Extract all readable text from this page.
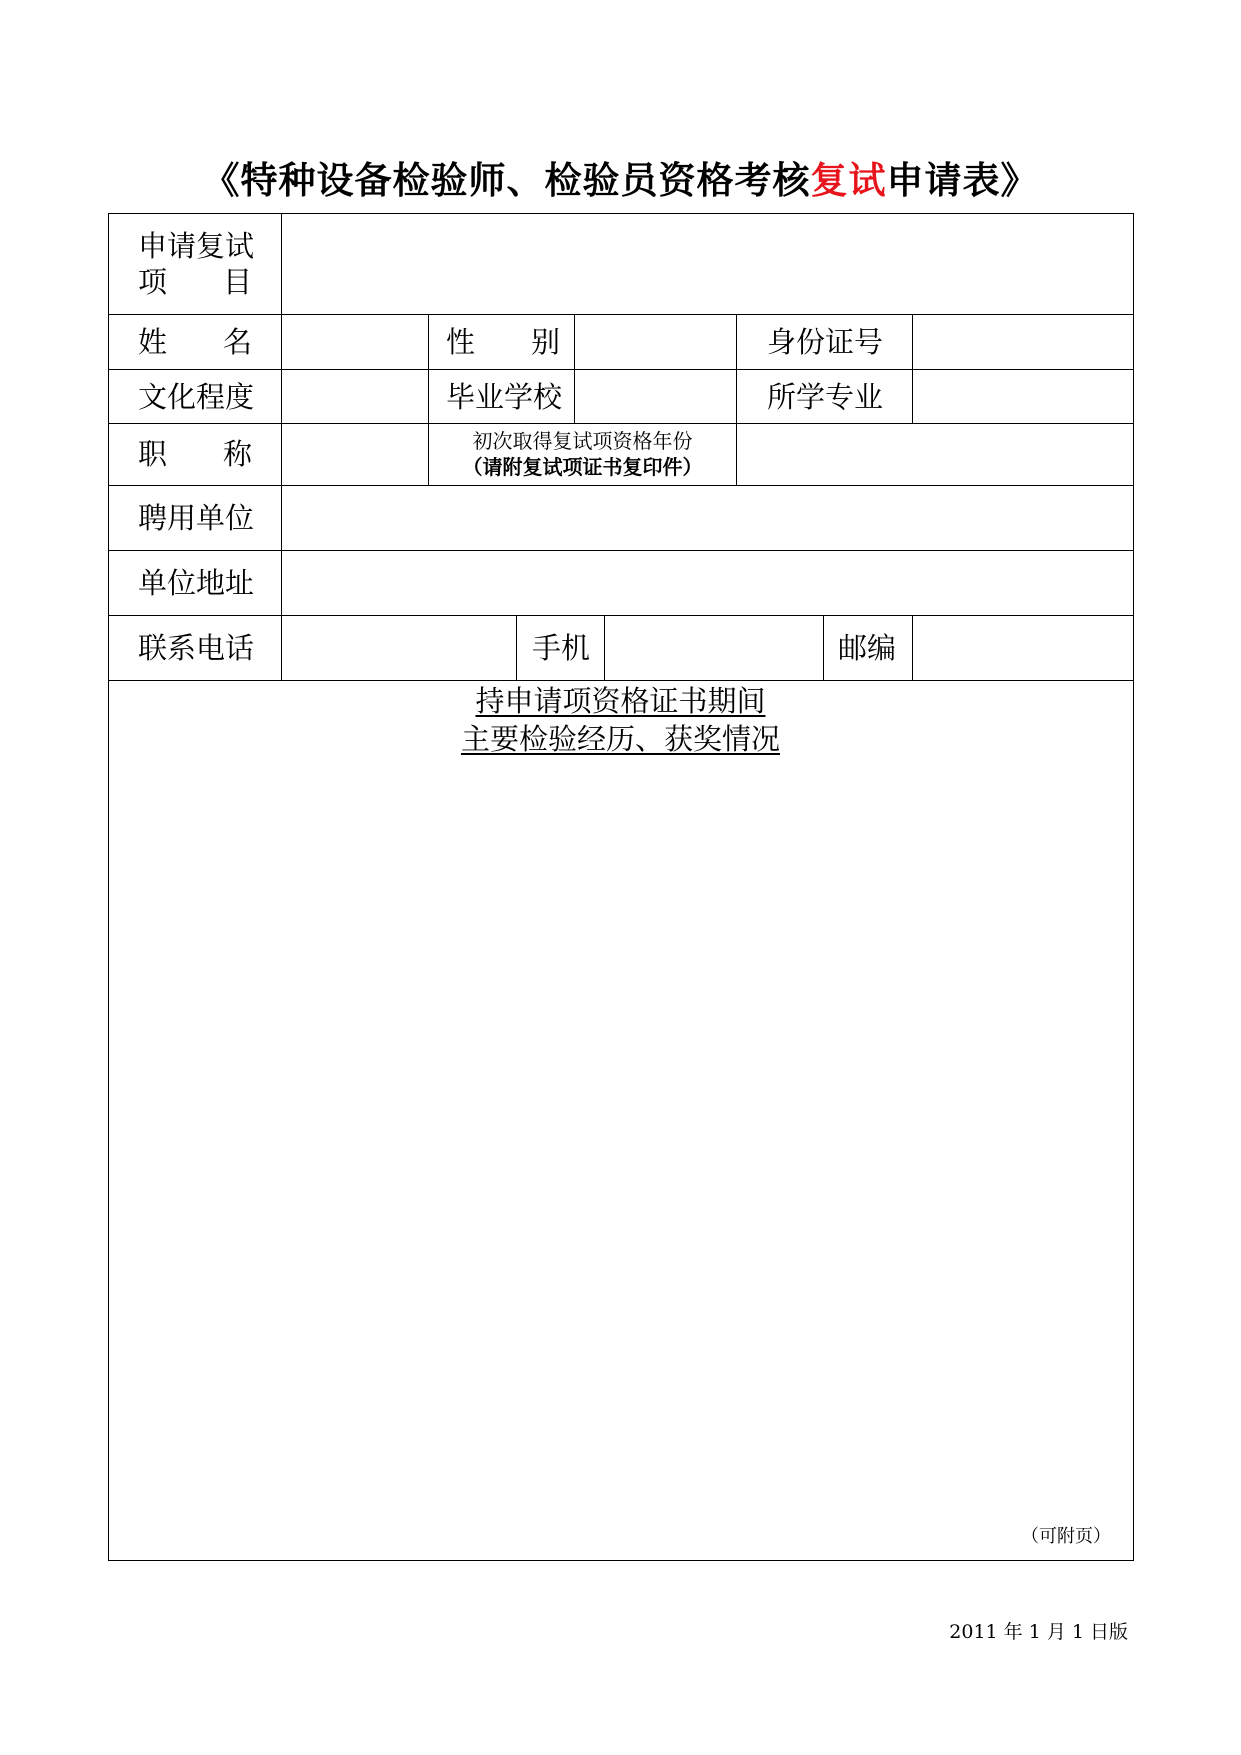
《特种设备检验师、检验员资格考核复试申请表》
申请复试
项 目
姓 名	性 别	身份证号
文化程度	毕业学校	所学专业
职 称	初次取得复试项资格年份
（请附复试项证书复印件）
聘用单位
单位地址
联系电话	手机	邮编
持申请项资格证书期间
主要检验经历、获奖情况
（可附页）
2011 年 1 月 1 日版
